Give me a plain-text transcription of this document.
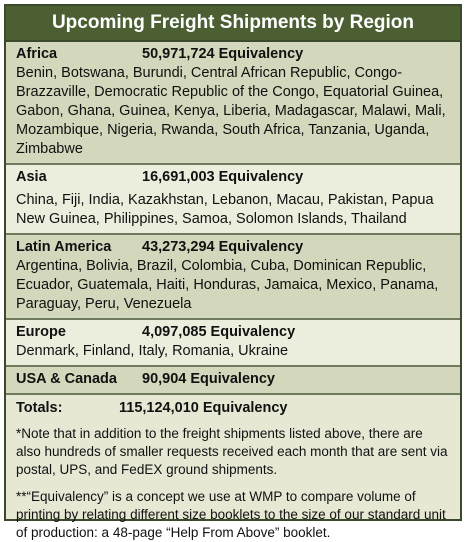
Upcoming Freight Shipments by Region
Africa	50,971,724 Equivalency

Benin, Botswana, Burundi, Central African Republic, Congo-Brazzaville, Democratic Republic of the Congo, Equatorial Guinea, Gabon, Ghana, Guinea, Kenya, Liberia, Madagascar, Malawi, Mali, Mozambique, Nigeria, Rwanda, South Africa, Tanzania, Uganda, Zimbabwe

Asia	16,691,003 Equivalency

China, Fiji, India, Kazakhstan, Lebanon, Macau, Pakistan, Papua New Guinea, Philippines, Samoa, Solomon Islands, Thailand

Latin America	43,273,294 Equivalency

Argentina, Bolivia, Brazil, Colombia, Cuba, Dominican Republic, Ecuador, Guatemala, Haiti, Honduras, Jamaica, Mexico, Panama, Paraguay, Peru, Venezuela

Europe	4,097,085 Equivalency

Denmark, Finland, Italy, Romania, Ukraine

USA & Canada	90,904 Equivalency
Totals:	115,124,010 Equivalency
*Note that in addition to the freight shipments listed above, there are also hundreds of smaller requests received each month that are sent via postal, UPS, and FedEX ground shipments.
**“Equivalency” is a concept we use at WMP to compare volume of printing by relating different size booklets to the size of our standard unit of production: a 48-page “Help From Above” booklet.
